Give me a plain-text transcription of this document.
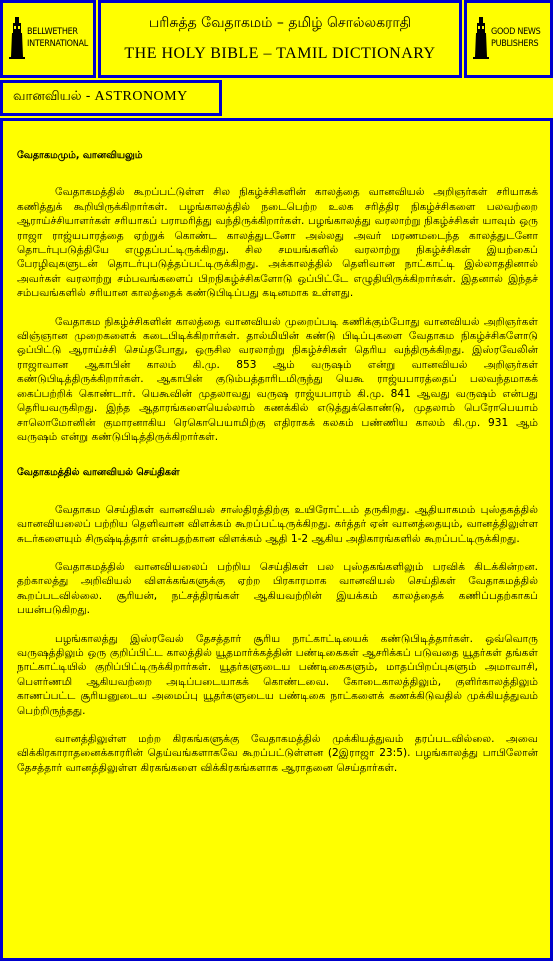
BELLWETHER
INTERNATIONAL
பரிசுத்த வேதாகமம் – தமிழ் சொல்லகராதி
THE HOLY BIBLE – TAMIL DICTIONARY
GOOD NEWS
PUBLISHERS
வானவியல் - ASTRONOMY
வேதாகமமும், வானவியலும்

வேதாகமத்தில் கூறப்பட்டுள்ள சில நிகழ்ச்சிகளின் காலத்தை வானவியல் அறிஞர்கள் சரியாகக் கணித்துக் கூறியிருக்கிறார்கள். பழங்காலத்தில் நடைபெற்ற உலக சரித்திர நிகழ்ச்சிகளை பலவற்றை ஆராய்ச்சியாளர்கள் சரியாகப் பராமரித்து வந்திருக்கிறார்கள். பழங்காலத்து வரலாற்று நிகழ்ச்சிகள் யாவும் ஒரு ராஜா ராஜ்யபாரத்தை ஏற்றுக் கொண்ட காலத்துடனோ அல்லது அவர் மரணமடைந்த காலத்துடனோ தொடர்புபடுத்தியே எழுதப்பட்டிருக்கிறது. சில சமயங்களில் வரலாற்று நிகழ்ச்சிகள் இயற்கைப் பேரழிவுகளுடன் தொடர்புபடுத்தப்பட்டிருக்கிறது. அக்காலத்தில் தெளிவான நாட்காட்டி இல்லாததினால் அவர்கள் வரலாற்று சம்பவங்களைப் பிறநிகழ்ச்சிகளோடு ஒப்பிட்டே எழுதியிருக்கிறார்கள். இதனால் இந்தச் சம்பவங்களில் சரியான காலத்தைக் கண்டுபிடிப்பது கடினமாக உள்ளது.

வேதாகம நிகழ்ச்சிகளின் காலத்தை வானவியல் முறைப்படி கணிக்கும்போது வானவியல் அறிஞர்கள் விஞ்ஞான முறைகளைக் கடைபிடிக்கிறார்கள். தால்மியின் கண்டு பிடிப்புகளை வேதாகம நிகழ்ச்சிகளோடு ஒப்பிட்டு ஆராய்ச்சி செய்தபோது, ஒருசில வரலாற்று நிகழ்ச்சிகள் தெரிய வந்திருக்கிறது. இஸ்ரவேலின் ராஜாவான ஆகாபின் காலம் கி.மு. 853 ஆம் வருஷம் என்று வானவியல் அறிஞர்கள் கண்டுபிடித்திருக்கிறார்கள். ஆகாபின் குடும்பத்தாரிடமிருந்து யெகூ ராஜ்யபாரத்தைப் பலவந்தமாகக் கைப்பற்றிக் கொண்டார். யெகூவின் முதலாவது வருஷ ராஜ்யபாரம் கி.மு. 841 ஆவது வருஷம் என்பது தெரியவருகிறது. இந்த ஆதாரங்களையெல்லாம் கணக்கில் எடுத்துக்கொண்டு, முதலாம் பெரோபெயாம் சாலொமோனின் குமாரனாகிய ரெகொபெயாமிற்கு எதிராகக் கலகம் பண்ணிய காலம் கி.மு. 931 ஆம் வருஷம் என்று கண்டுபிடித்திருக்கிறார்கள்.

வேதாகமத்தில் வானவியல் செய்திகள்

வேதாகம செய்திகள் வானவியல் சாஸ்திரத்திற்கு உயிரோட்டம் தருகிறது. ஆதியாகமம் புஸ்தகத்தில் வானவியலைப் பற்றிய தெளிவான விளக்கம் கூறப்பட்டிருக்கிறது. கர்த்தர் ஏன் வானத்தையும், வானத்திலுள்ள சுடர்களையும் சிருஷ்டித்தார் என்பதற்கான விளக்கம் ஆதி 1-2 ஆகிய அதிகாரங்களில் கூறப்பட்டிருக்கிறது.

வேதாகமத்தில் வானவியலைப் பற்றிய செய்திகள் பல புஸ்தகங்களிலும் பரவிக் கிடக்கின்றன. தற்காலத்து அறிவியல் விளக்கங்களுக்கு ஏற்ற பிரகாரமாக வானவியல் செய்திகள் வேதாகமத்தில் கூறப்படவில்லை. சூரியன், நட்சத்திரங்கள் ஆகியவற்றின் இயக்கம் காலத்தைக் கணிப்பதற்காகப் பயன்படுகிறது.

பழங்காலத்து இஸ்ரவேல் தேசத்தார் சூரிய நாட்காட்டியைக் கண்டுபிடித்தார்கள். ஒவ்வொரு வருஷத்திலும் ஒரு குறிப்பிட்ட காலத்தில் யூதமார்க்கத்தின் பண்டிகைகள் ஆசரிக்கப் படுவதை யூதர்கள் தங்கள் நாட்காட்டியில் குறிப்பிட்டிருக்கிறார்கள். யூதர்களுடைய பண்டிகைகளும், மாதப்பிறப்புகளும் அமாவாசி, பௌர்ணமி ஆகியவற்றை அடிப்படையாகக் கொண்டவை. கோடைகாலத்திலும், குளிர்காலத்திலும் காணப்பட்ட சூரியனுடைய அமைப்பு யூதர்களுடைய பண்டிகை நாட்களைக் கணக்கிடுவதில் முக்கியத்துவம் பெற்றிருந்தது.

வானத்திலுள்ள மற்ற கிரகங்களுக்கு வேதாகமத்தில் முக்கியத்துவம் தரப்படவில்லை. அவை விக்கிரகாராதனைக்காரரின் தெய்வங்களாகவே கூறப்பட்டுள்ளன (2இராஜா 23:5). பழங்காலத்து பாபிலோன் தேசத்தார் வானத்திலுள்ள கிரகங்களை விக்கிரகங்களாக ஆராதனை செய்தார்கள்.
